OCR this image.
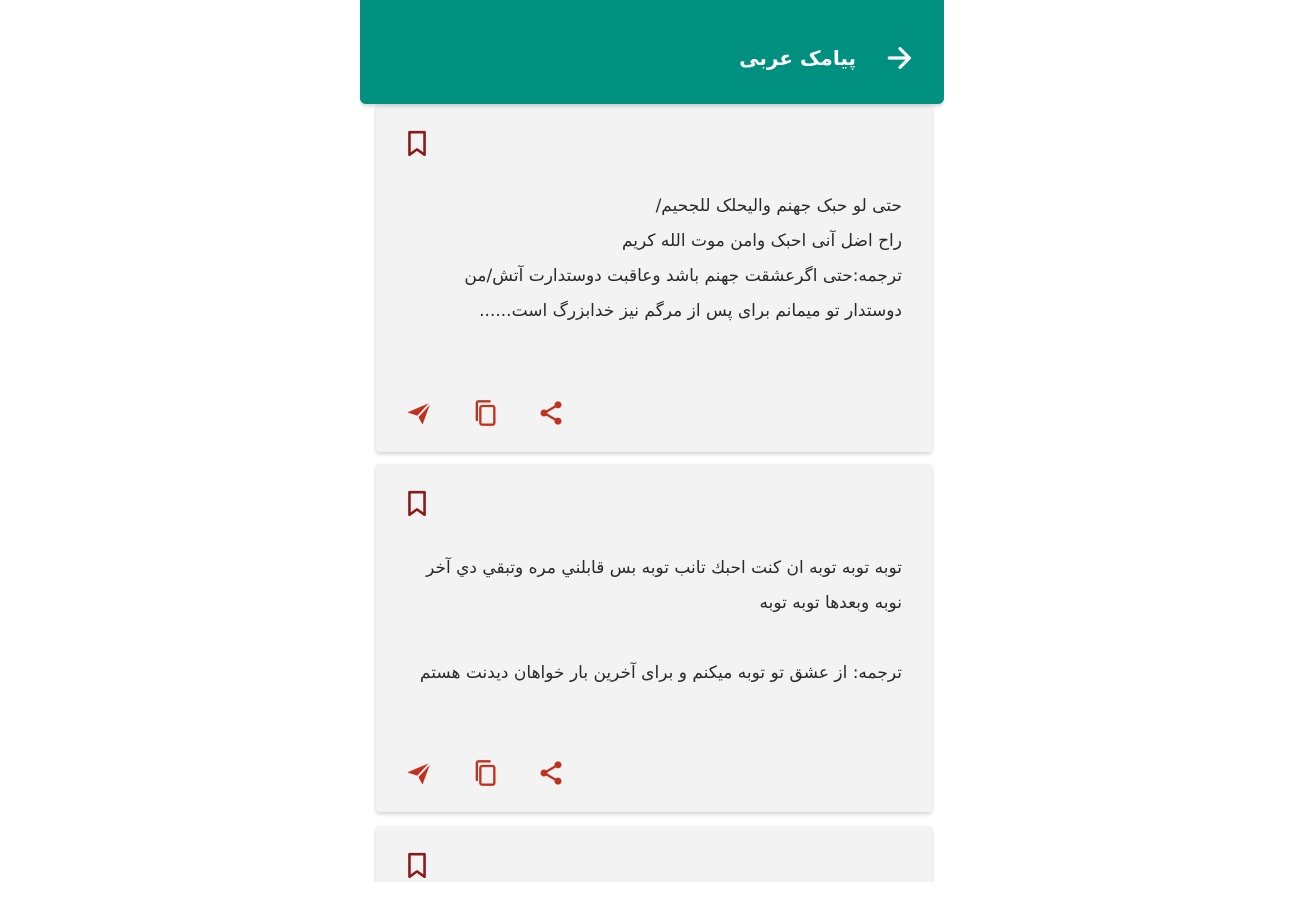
پیامک عربی
حتی لو حبک جهنم والیحلک للجحیم/
راح اضل آنی احبک وامن موت الله کریم
ترجمه:حتی اگرعشقت جهنم باشد وعاقبت دوستدارت آتش/من دوستدار تو میمانم برای پس از مرگم نیز خدابزرگ است......
توبه توبه توبه ان كنت احبك تانب توبه بس قابلني مره وتبقي دي آخر نوبه وبعدها توبه توبه

ترجمه: از عشق تو توبه میکنم و برای آخرین بار خواهان دیدنت هستم
